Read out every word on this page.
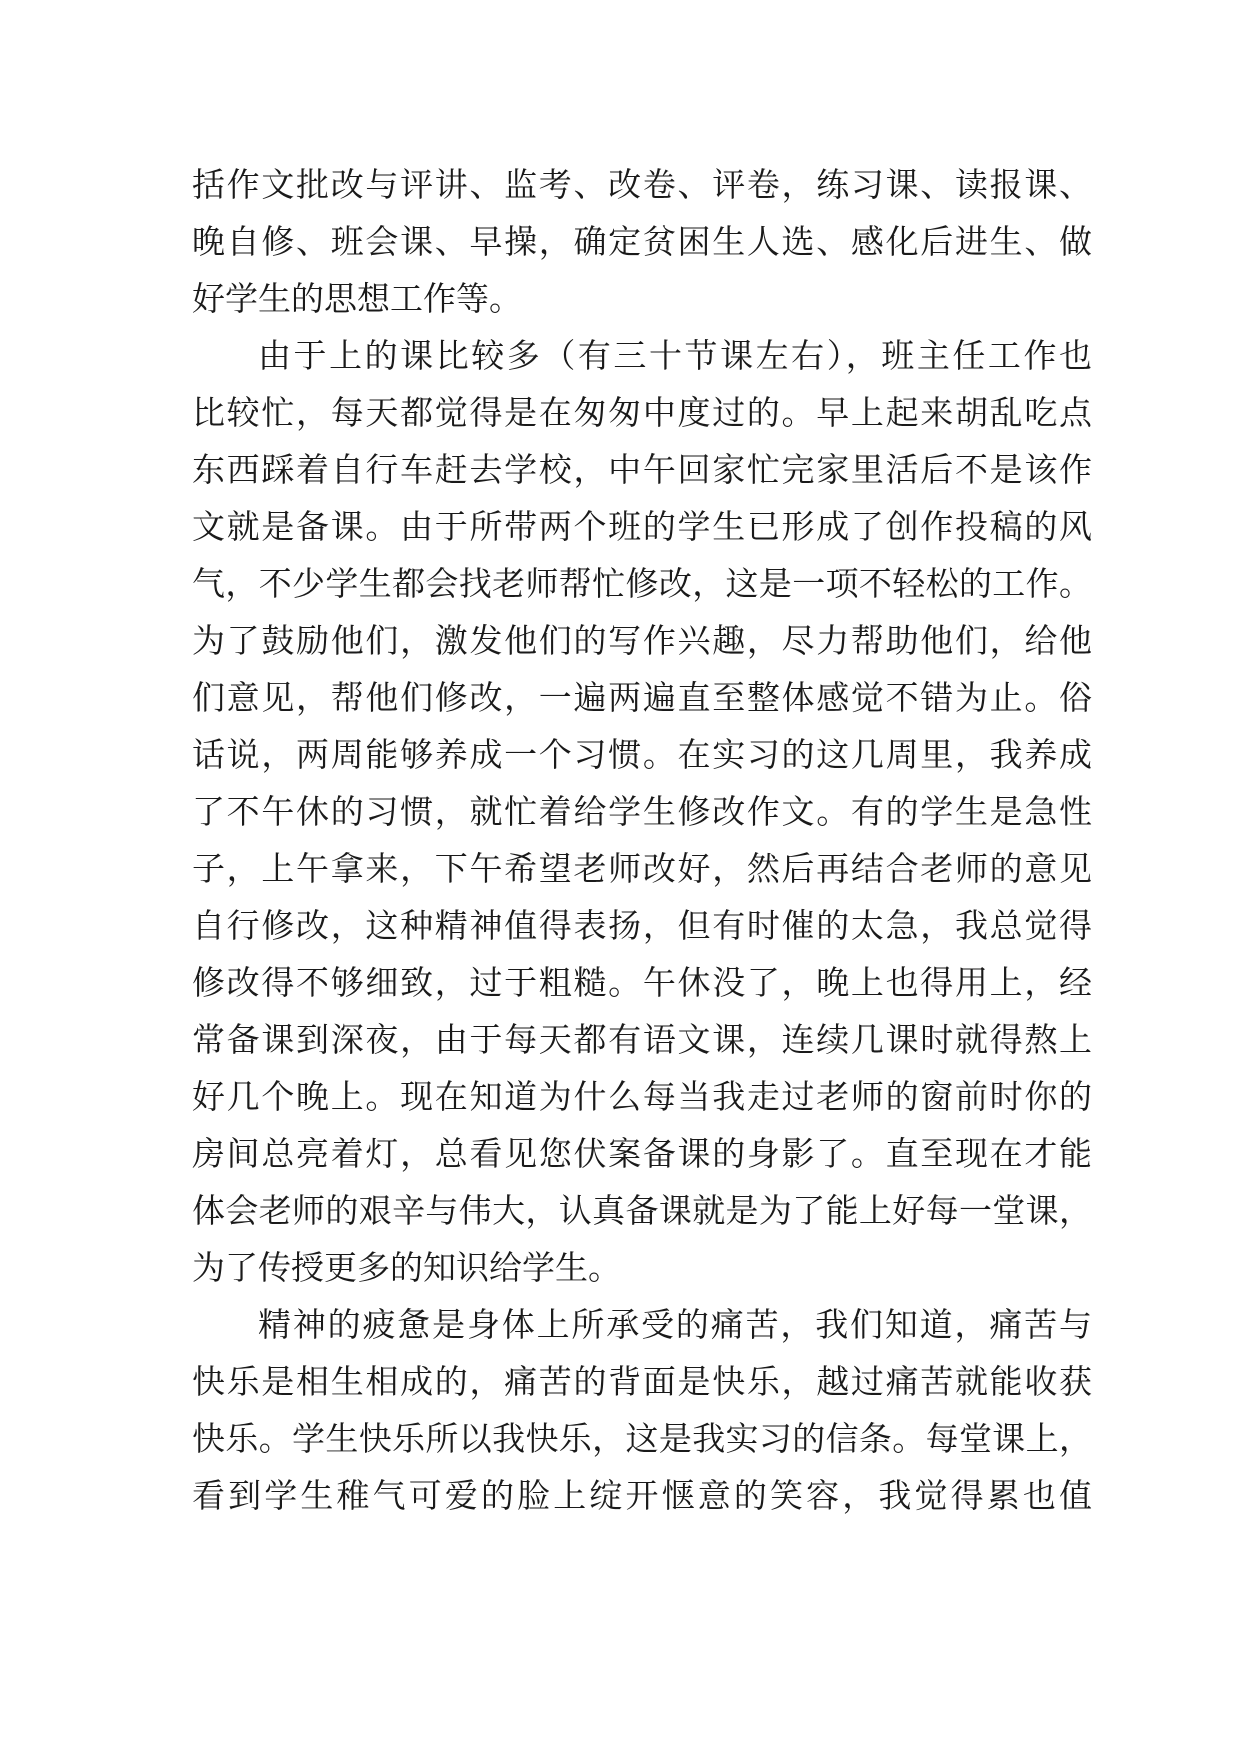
括作文批改与评讲、监考、改卷、评卷，练习课、读报课、
晚自修、班会课、早操，确定贫困生人选、感化后进生、做
好学生的思想工作等。
由于上的课比较多（有三十节课左右），班主任工作也
比较忙，每天都觉得是在匆匆中度过的。早上起来胡乱吃点
东西踩着自行车赶去学校，中午回家忙完家里活后不是该作
文就是备课。由于所带两个班的学生已形成了创作投稿的风
气，不少学生都会找老师帮忙修改，这是一项不轻松的工作。
为了鼓励他们，激发他们的写作兴趣，尽力帮助他们，给他
们意见，帮他们修改，一遍两遍直至整体感觉不错为止。俗
话说，两周能够养成一个习惯。在实习的这几周里，我养成
了不午休的习惯，就忙着给学生修改作文。有的学生是急性
子，上午拿来，下午希望老师改好，然后再结合老师的意见
自行修改，这种精神值得表扬，但有时催的太急，我总觉得
修改得不够细致，过于粗糙。午休没了，晚上也得用上，经
常备课到深夜，由于每天都有语文课，连续几课时就得熬上
好几个晚上。现在知道为什么每当我走过老师的窗前时你的
房间总亮着灯，总看见您伏案备课的身影了。直至现在才能
体会老师的艰辛与伟大，认真备课就是为了能上好每一堂课，
为了传授更多的知识给学生。
精神的疲惫是身体上所承受的痛苦，我们知道，痛苦与
快乐是相生相成的，痛苦的背面是快乐，越过痛苦就能收获
快乐。学生快乐所以我快乐，这是我实习的信条。每堂课上，
看到学生稚气可爱的脸上绽开惬意的笑容，我觉得累也值
